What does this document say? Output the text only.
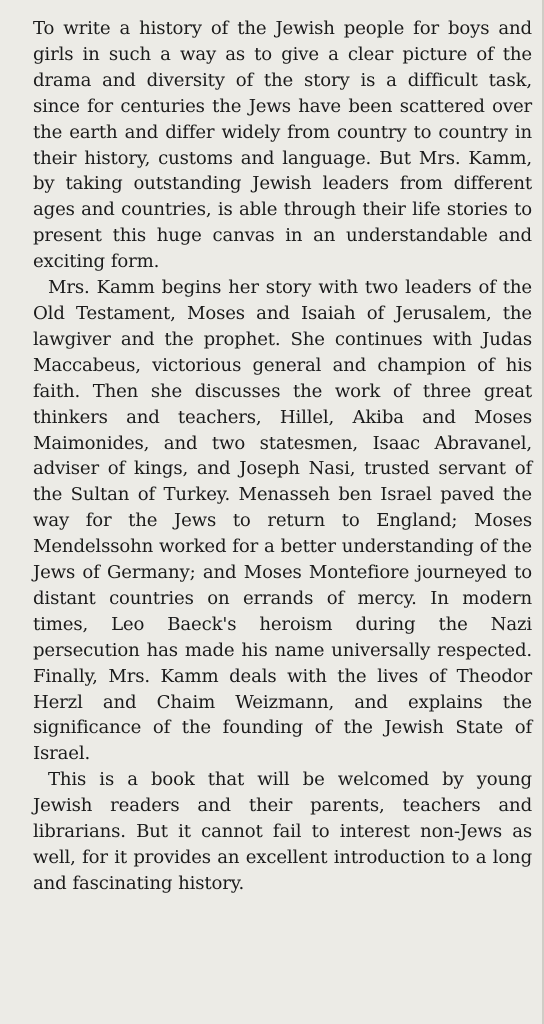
To write a history of the Jewish people for boys and girls in such a way as to give a clear picture of the drama and diversity of the story is a difficult task, since for centuries the Jews have been scattered over the earth and differ widely from country to country in their history, customs and language. But Mrs. Kamm, by taking outstanding Jewish leaders from different ages and countries, is able through their life stories to present this huge canvas in an understandable and exciting form.

Mrs. Kamm begins her story with two leaders of the Old Testament, Moses and Isaiah of Jerusalem, the lawgiver and the prophet. She continues with Judas Maccabeus, victorious general and champion of his faith. Then she discusses the work of three great thinkers and teachers, Hillel, Akiba and Moses Maimonides, and two statesmen, Isaac Abravanel, adviser of kings, and Joseph Nasi, trusted servant of the Sultan of Turkey. Menasseh ben Israel paved the way for the Jews to return to England; Moses Mendelssohn worked for a better understanding of the Jews of Germany; and Moses Montefiore journeyed to distant countries on errands of mercy. In modern times, Leo Baeck's heroism during the Nazi persecution has made his name universally respected. Finally, Mrs. Kamm deals with the lives of Theodor Herzl and Chaim Weizmann, and explains the significance of the founding of the Jewish State of Israel.

This is a book that will be welcomed by young Jewish readers and their parents, teachers and librarians. But it cannot fail to interest non-Jews as well, for it provides an excellent introduction to a long and fascinating history.
